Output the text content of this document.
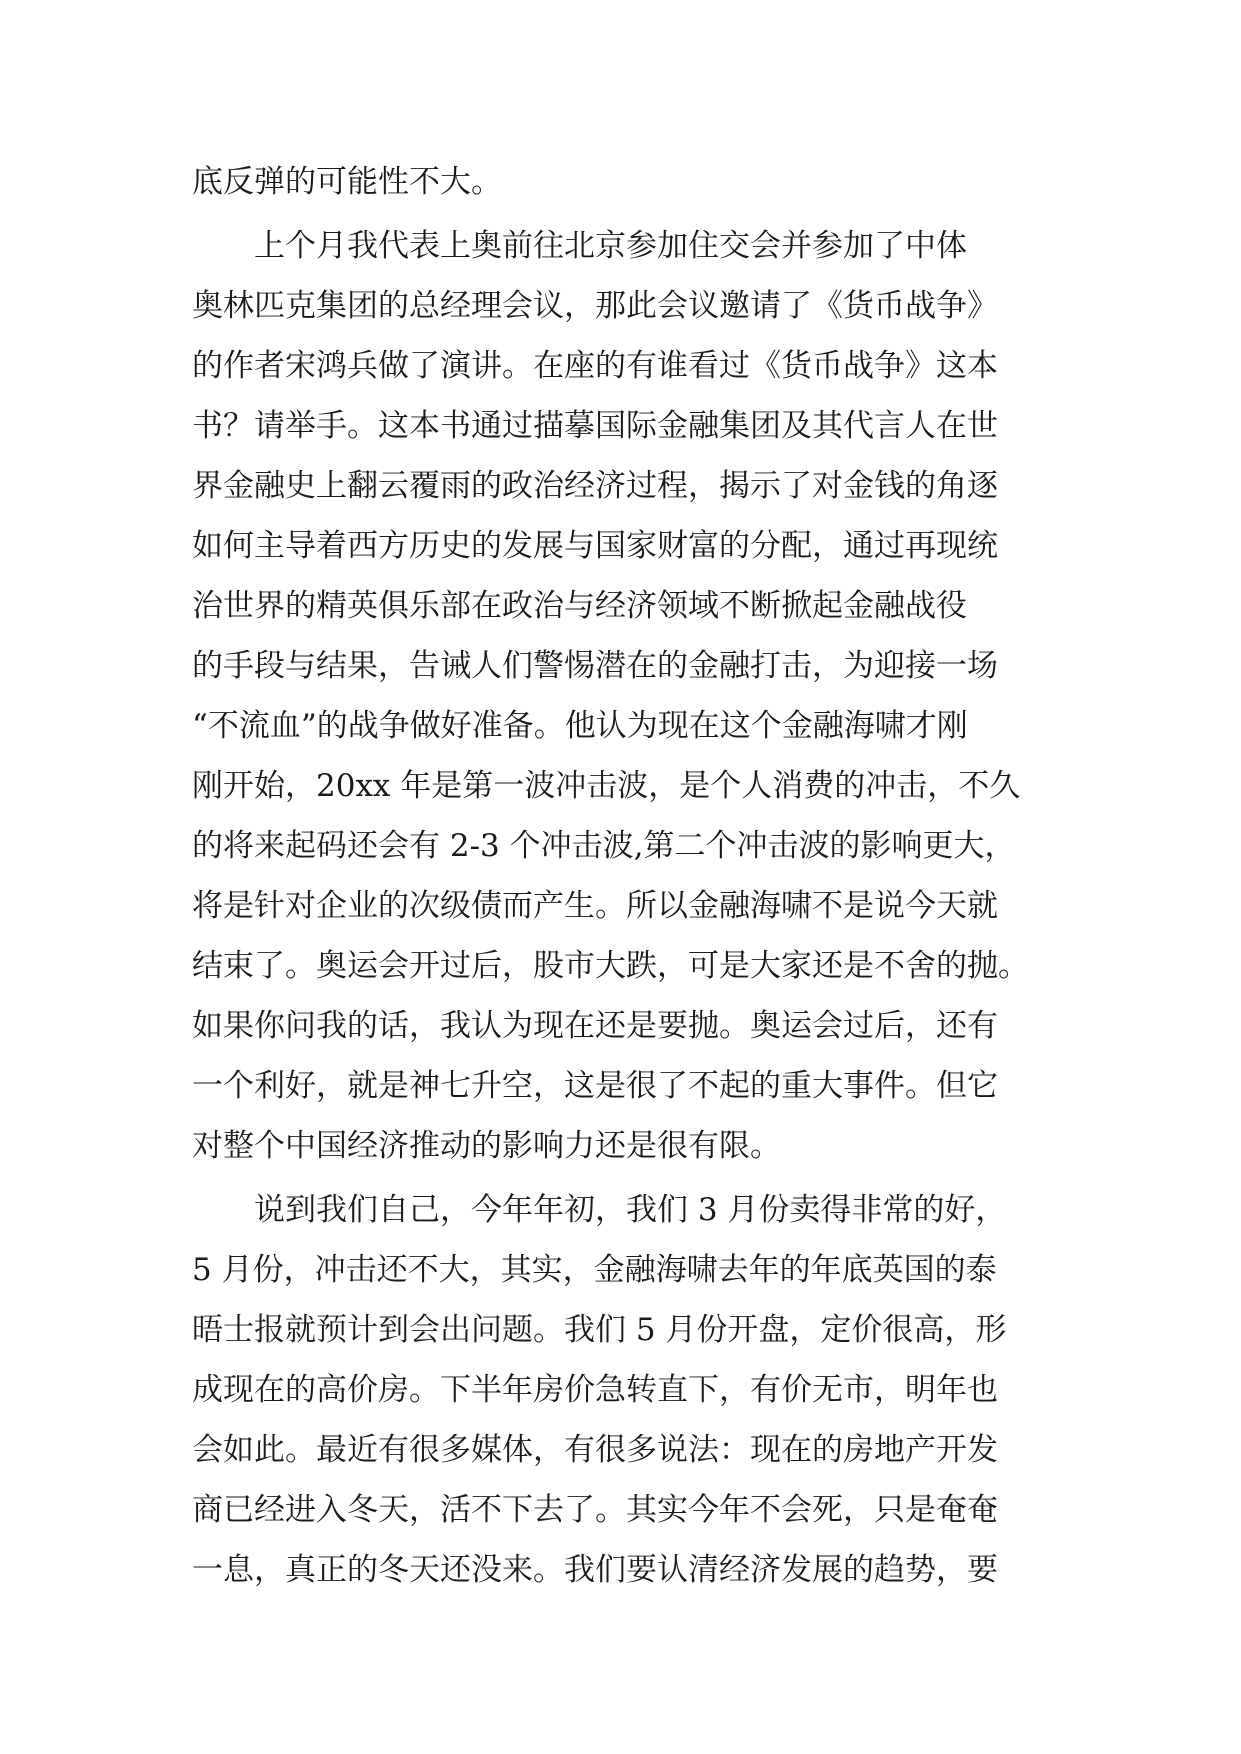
底反弹的可能性不大。
　　上个月我代表上奥前往北京参加住交会并参加了中体
奥林匹克集团的总经理会议，那此会议邀请了《货币战争》
的作者宋鸿兵做了演讲。在座的有谁看过《货币战争》这本
书？请举手。这本书通过描摹国际金融集团及其代言人在世
界金融史上翻云覆雨的政治经济过程，揭示了对金钱的角逐
如何主导着西方历史的发展与国家财富的分配，通过再现统
治世界的精英俱乐部在政治与经济领域不断掀起金融战役
的手段与结果，告诫人们警惕潜在的金融打击，为迎接一场
“不流血”的战争做好准备。他认为现在这个金融海啸才刚
刚开始，20xx 年是第一波冲击波，是个人消费的冲击，不久
的将来起码还会有 2-3 个冲击波,第二个冲击波的影响更大，
将是针对企业的次级债而产生。所以金融海啸不是说今天就
结束了。奥运会开过后，股市大跌，可是大家还是不舍的抛。
如果你问我的话，我认为现在还是要抛。奥运会过后，还有
一个利好，就是神七升空，这是很了不起的重大事件。但它
对整个中国经济推动的影响力还是很有限。
　　说到我们自己，今年年初，我们 3 月份卖得非常的好，
5 月份，冲击还不大，其实，金融海啸去年的年底英国的泰
晤士报就预计到会出问题。我们 5 月份开盘，定价很高，形
成现在的高价房。下半年房价急转直下，有价无市，明年也
会如此。最近有很多媒体，有很多说法：现在的房地产开发
商已经进入冬天，活不下去了。其实今年不会死，只是奄奄
一息，真正的冬天还没来。我们要认清经济发展的趋势，要
